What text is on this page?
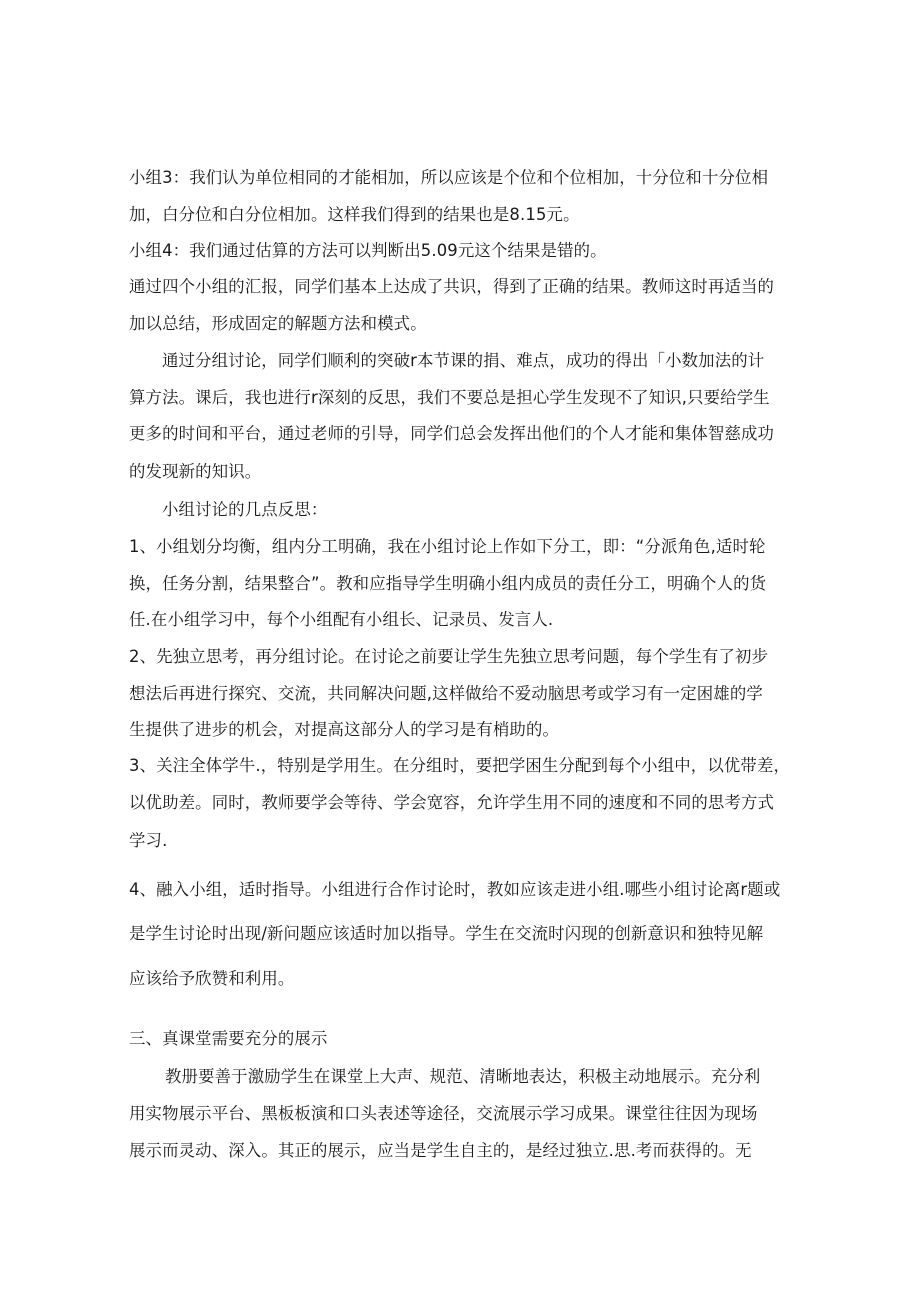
小组3：我们认为单位相同的才能相加，所以应该是个位和个位相加，十分位和十分位相
加，白分位和白分位相加。这样我们得到的结果也是8.15元。
小组4：我们通过估算的方法可以判断出5.09元这个结果是错的。
通过四个小组的汇报，同学们基本上达成了共识，得到了正确的结果。教师这时再适当的
加以总结，形成固定的解题方法和模式。
通过分组讨论，同学们顺利的突破r本节课的捐、难点，成功的得出「小数加法的计
算方法。课后，我也进行r深刻的反思，我们不要总是担心学生发现不了知识,只要给学生
更多的时间和平台，通过老师的引导，同学们总会发挥出他们的个人才能和集体智慈成功
的发现新的知识。
小组讨论的几点反思：
1、小组划分均衡，组内分工明确，我在小组讨论上作如下分工，即：“分派角色,适时轮
换，任务分割，结果整合”。教和应指导学生明确小组内成员的责任分工，明确个人的货
任.在小组学习中，每个小组配有小组长、记录员、发言人.
2、先独立思考，再分组讨论。在讨论之前要让学生先独立思考问题，每个学生有了初步
想法后再进行探究、交流，共同解决问题,这样做给不爱动脑思考或学习有一定困雄的学
生提供了进步的机会，对提高这部分人的学习是有梢助的。
3、关注全体学牛.，特别是学用生。在分组时，要把学困生分配到每个小组中，以优带差，
以优助差。同时，教师要学会等待、学会宽容，允许学生用不同的速度和不同的思考方式
学习.
4、融入小组，适时指导。小组进行合作讨论时，教如应该走进小组.哪些小组讨论离r题或
是学生讨论时出现/新问题应该适时加以指导。学生在交流时闪现的创新意识和独特见解
应该给予欣赞和利用。
三、真课堂需要充分的展示
教册要善于激励学生在课堂上大声、规范、清晰地表达，积极主动地展示。充分利
用实物展示平台、黑板板演和口头表述等途径，交流展示学习成果。课堂往往因为现场
展示而灵动、深入。其正的展示，应当是学生自主的，是经过独立.思.考而获得的。无
